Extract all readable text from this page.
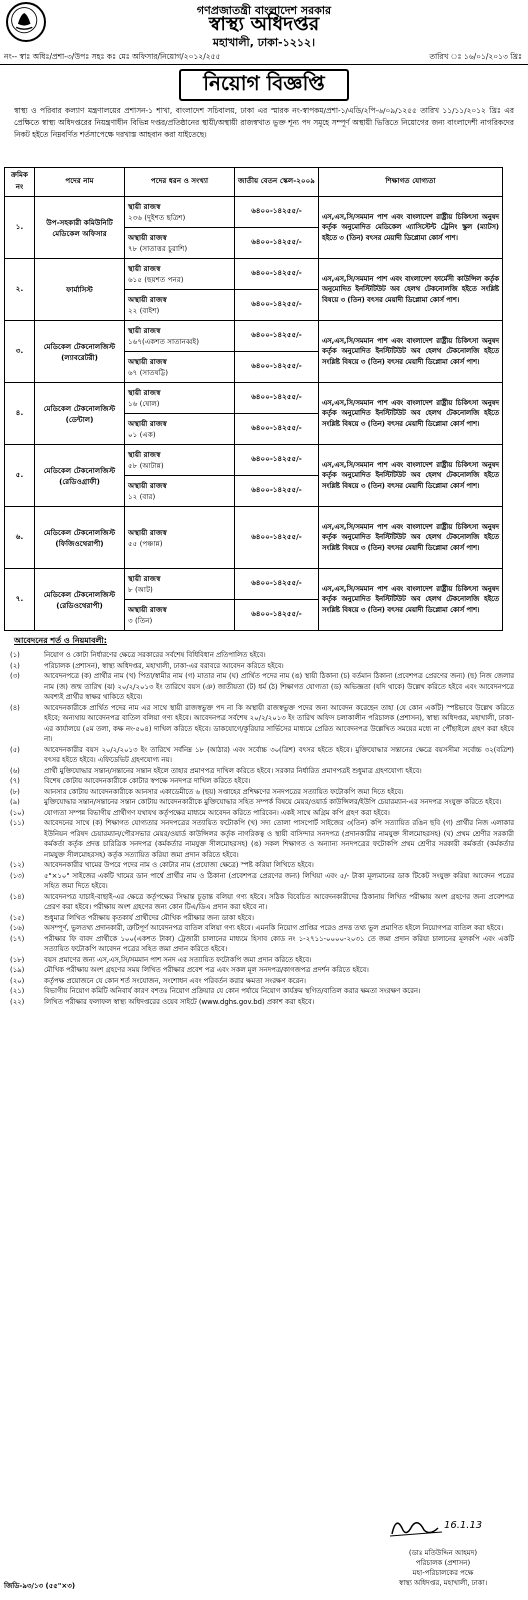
গণপ্রজাতন্ত্রী বাংলাদেশ সরকার
স্বাস্থ্য অধিদপ্তর
মহাখালী, ঢাকা-১২১২।
নং-- স্বাঃ অধিঃ/প্রশা-৩/উপঃ সহঃ কঃ মেঃ অফিসার/নিয়োগ/২০১২/২৫৫	তারিখ ঃ ১৬/০১/২০১৩ খ্রিঃ
নিয়োগ বিজ্ঞপ্তি
স্বাস্থ্য ও পরিবার কল্যাণ মন্ত্রণালয়ের প্রশাসন-১ শাখা, বাংলাদেশ সচিবালয়, ঢাকা এর স্মারক নং-স্বাপকম/প্রশা-১/এডি/২পি-৬/০৯/১২৫৫ তারিখ ১১/১১/২০১২ খ্রিঃ এর প্রেক্ষিতে স্বাস্থ্য অধিদপ্তরের নিয়ন্ত্রণাধীন বিভিন্ন দপ্তর/প্রতিষ্ঠানের স্থায়ী/অস্থায়ী রাজস্বখাত ভুক্ত শূন্য পদ সমূহে সম্পূর্ণ অস্থায়ী ভিত্তিতে নিয়োগের জন্য বাংলাদেশী নাগরিকদের নিকট হইতে নিম্নবর্ণিত শর্তসাপেক্ষে দরখাস্ত আহবান করা যাইতেছে।
ক্রমিক নং	পদের নাম	পদের ধরন ও সংখ্যা	জাতীয় বেতন স্কেল-২০০৯	শিক্ষাগত যোগ্যতা
১.	উপ-সহকারী কমিউনিটি মেডিকেল অফিসার	স্থায়ী রাজস্ব
২৩৬ (দুইশত ছত্রিশ)	৬৪০০-১৪২৫৫/-	এস,এস,সি/সমমান পাশ এবং বাংলাদেশ রাষ্ট্রীয় চিকিৎসা অনুষদ কর্তৃক অনুমোদিত মেডিকেল এ্যাসিস্টেন্ট ট্রেনিং স্কুল (ম্যাটস) হইতে ৩ (তিন) বৎসর মেয়াদী ডিপ্লোমা কোর্স পাশ।

		অস্থায়ী রাজস্ব
৭৮ (সাতাত্তর চুরাশি)	৬৪০০-১৪২৫৫/-	
২.	ফার্মাসিস্ট	স্থায়ী রাজস্ব
৬১৫ (ছয়শত পনর)	৬৪০০-১৪২৫৫/-	এস,এস,সি/সমমান পাশ এবং বাংলাদেশ ফার্মেসী কাউন্সিল কর্তৃক অনুমোদিত ইনস্টিটিউট অব হেলথ টেকনোলজি হইতে সংশ্লিষ্ট বিষয়ে ৩ (তিন) বৎসর মেয়াদী ডিপ্লোমা কোর্স পাশ।

		অস্থায়ী রাজস্ব
২২ (বাইশ)	৬৪০০-১৪২৫৫/-	
৩.	মেডিকেল টেকনোলজিস্ট (ল্যাবরেটরী)	স্থায়ী রাজস্ব
১৬৭(একশত সাতানব্বই)	৬৪০০-১৪২৫৫/-	এস,এস,সি/সমমান পাশ এবং বাংলাদেশ রাষ্ট্রীয় চিকিৎসা অনুষদ কর্তৃক অনুমোদিত ইনস্টিটিউট অব হেলথ টেকনোলজি হইতে সংশ্লিষ্ট বিষয়ে ৩ (তিন) বৎসর মেয়াদী ডিপ্লোমা কোর্স পাশ।

		অস্থায়ী রাজস্ব
৬৭ (সাতষট্টি)	৬৪০০-১৪২৫৫/-	
৪.	মেডিকেল টেকনোলজিস্ট (ডেন্টাল)	স্থায়ী রাজস্ব
১৬ (ষোল)	৬৪০০-১৪২৫৫/-	এস,এস,সি/সমমান পাশ এবং বাংলাদেশ রাষ্ট্রীয় চিকিৎসা অনুষদ কর্তৃক অনুমোদিত ইনস্টিটিউট অব হেলথ টেকনোলজি হইতে সংশ্লিষ্ট বিষয়ে ৩ (তিন) বৎসর মেয়াদী ডিপ্লোমা কোর্স পাশ।

		অস্থায়ী রাজস্ব
০১ (এক)	৬৪০০-১৪২৫৫/-	
৫.	মেডিকেল টেকনোলজিস্ট (রেডিওগ্রাফী)	স্থায়ী রাজস্ব
৫৮ (আটান্ন)	৬৪০০-১৪২৫৫/-	এস,এস,সি/সমমান পাশ এবং বাংলাদেশ রাষ্ট্রীয় চিকিৎসা অনুষদ কর্তৃক অনুমোদিত ইনস্টিটিউট অব হেলথ টেকনোলজি হইতে সংশ্লিষ্ট বিষয়ে ৩ (তিন) বৎসর মেয়াদী ডিপ্লোমা কোর্স পাশ।

		অস্থায়ী রাজস্ব
১২ (বার)	৬৪০০-১৪২৫৫/-	
৬.	মেডিকেল টেকনোলজিস্ট (ফিজিওথেরাপী)	অস্থায়ী রাজস্ব
৫৫ (পঞ্চান্ন)	৬৪০০-১৪২৫৫/-	এস,এস,সি/সমমান পাশ এবং বাংলাদেশ রাষ্ট্রীয় চিকিৎসা অনুষদ কর্তৃক অনুমোদিত ইনস্টিটিউট অব হেলথ টেকনোলজি হইতে সংশ্লিষ্ট বিষয়ে ৩ (তিন) বৎসর মেয়াদী ডিপ্লোমা কোর্স পাশ।
৭.	মেডিকেল টেকনোলজিস্ট (রেডিওথেরাপী)	স্থায়ী রাজস্ব
৮ (আট)	৬৪০০-১৪২৫৫/-	এস,এস,সি/সমমান পাশ এবং বাংলাদেশ রাষ্ট্রীয় চিকিৎসা অনুষদ কর্তৃক অনুমোদিত ইনস্টিটিউট অব হেলথ টেকনোলজি হইতে সংশ্লিষ্ট বিষয়ে ৩ (তিন) বৎসর মেয়াদী ডিপ্লোমা কোর্স পাশ।

		অস্থায়ী রাজস্ব
৩ (তিন)	৬৪০০-১৪২৫৫/-	
আবেদনের শর্ত ও নিয়মাবলী:
(১)	নিয়োগ ও কোটা নির্ধারণের ক্ষেত্রে সরকারের সর্বশেষ বিধিবিধান প্রতিপালিত হইবে।
(২)	পরিচালক (প্রশাসন), স্বাস্থ্য অধিদপ্তর, মহাখালী, ঢাকা-এর বরাবরে আবেদন করিতে হইবে।
(৩)	আবেদনপত্রে (ক) প্রার্থীর নাম (খ) পিতা/স্বামীর নাম (গ) মাতার নাম (ঘ) প্রার্থিত পদের নাম (ঙ) স্থায়ী ঠিকানা (চ) বর্তমান ঠিকানা (প্রবেশপত্র প্রেরণের জন্য) (ছ) নিজ জেলার নাম (জ) জন্ম তারিখ (ঝ) ২০/২/২০১৩ ইং তারিখে বয়স (ঞ) জাতীয়তা (ট) ধর্ম (ঠ) শিক্ষাগত যোগ্যতা (ড) অভিজ্ঞতা (যদি থাকে) উল্লেখ করিতে হইবে এবং আবেদনপত্রে অবশ্যই প্রার্থীর স্বাক্ষর থাকিতে হইবে।
(৪)	আবেদনকারীকে প্রার্থিত পদের নাম এর সাথে স্থায়ী রাজস্বভুক্ত পদ না কি অস্থায়ী রাজস্বভুক্ত পদের জন্য আবেদন করেছেন তাহা (যে কোন একটি) স্পষ্টভাবে উল্লেখ করিতে হইবে; অন্যথায় আবেদনপত্র বাতিল বলিয়া গণ্য হইবে। আবেদনপত্র সর্বশেষ ২০/২/২০১৩ ইং তারিখ অফিস চলাকালীন পরিচালক (প্রশাসন), স্বাস্থ্য অধিদপ্তর, মহাখালী, ঢাকা-এর কার্যালয়ে (৫ম তলা, কক্ষ নং-৫০৪) দাখিল করিতে হইবে। ডাকযোগে/কুরিয়ার সার্ভিসের মাধ্যমে প্রেরিত আবেদনপত্র উল্লেখিত সময়ের মধ্যে না পৌঁছাইলে গ্রহণ করা হইবে না।
(৫)	আবেদনকারীর বয়স ২০/২/২০১৩ ইং তারিখে সর্বনিম্ন ১৮ (আঠার) এবং সর্বোচ্চ ৩০(ত্রিশ) বৎসর হইতে হইবে। মুক্তিযোদ্ধার সন্তানের ক্ষেত্রে বয়সসীমা সর্বোচ্চ ৩২(বত্রিশ) বৎসর হইতে হইবে। এফিডেভিট গ্রহণযোগ্য নয়।
(৬)	প্রার্থী মুক্তিযোদ্ধার সন্তান/সন্তানের সন্তান হইলে তাহার প্রমাণপত্র দাখিল করিতে হইবে। সরকার নির্ধারিত প্রমাণপত্রই শুধুমাত্র গ্রহণযোগ্য হইবে।
(৭)	বিশেষ কোটায় আবেদনকারীকে কোটার স্বপক্ষে সনদপত্র দাখিল করিতে হইবে।
(৮)	আনসার কোটায় আবেদনকারীকে আনসার একাডেমীতে ৬ (ছয়) সপ্তাহের প্রশিক্ষণের সনদপত্রের সত্যায়িত ফটোকপি জমা দিতে হইবে।
(৯)	মুক্তিযোদ্ধার সন্তান/সন্তানের সন্তান কোটায় আবেদনকারীকে মুক্তিযোদ্ধার সহিত সম্পর্ক বিষয়ে মেয়র/ওয়ার্ড কাউন্সিলর/ইউপি চেয়ারম্যান-এর সনদপত্র সংযুক্ত করিতে হইবে।
(১০)	যোগ্যতা সম্পন্ন বিভাগীয় প্রার্থীগণ যথাযথ কর্তৃপক্ষের মাধ্যমে আবেদন করিতে পারিবেন। একই সাথে অগ্রিম কপি গ্রহণ করা হইবে।
(১১)	আবেদনের সাথে (ক) শিক্ষাগত যোগ্যতার সনদপত্রের সত্যায়িত ফটোকপি (খ) সদ্য তোলা পাসপোর্ট সাইজের ৩(তিন) কপি সত্যায়িত রঙিন ছবি (গ) প্রার্থীর নিজ এলাকার ইউনিয়ন পরিষদ চেয়ারম্যান/পৌরসভার মেয়র/ওয়ার্ড কাউন্সিলর কর্তৃক নাগরিকত্ব ও স্থায়ী বাসিন্দার সনদপত্র (প্রদানকারীর নামযুক্ত সীলমোহরসহ) (ঘ) প্রথম শ্রেণীর সরকারী কর্মকর্তা কর্তৃক প্রদত্ত চারিত্রিক সনদপত্র (কর্মকর্তার নামযুক্ত সীলমোহরসহ) (ঙ) সকল শিক্ষাগত ও অন্যান্য সনদপত্রের ফটোকপি প্রথম শ্রেণীর সরকারী কর্মকর্তা (কর্মকর্তার নামযুক্ত সীলমোহরসহ) কর্তৃক সত্যায়িত করিয়া জমা প্রদান করিতে হইবে।
(১২)	আবেদনকারীর খামের উপরে পদের নাম ও কোটার নাম (প্রযোজ্য ক্ষেত্রে) স্পষ্ট করিয়া লিখিতে হইবে।
(১৩)	৫"×১০" সাইজের একটি খামের ডান পার্শ্বে প্রার্থীর নাম ও ঠিকানা (প্রবেশপত্র প্রেরণের জন্য) লিখিয়া এবং ৫/- টাকা মূল্যমানের ডাক টিকেট সংযুক্ত করিয়া আবেদন পত্রের সহিত জমা দিতে হইবে।
(১৪)	আবেদনপত্র যাচাই-বাছাই-এর ক্ষেত্রে কর্তৃপক্ষের সিদ্ধান্ত চূড়ান্ত বলিয়া গণ্য হইবে। সঠিক বিবেচিত আবেদনকারীদের ঠিকানায় লিখিত পরীক্ষায় অংশ গ্রহণের জন্য প্রবেশপত্র প্রেরণ করা হইবে। পরীক্ষায় অংশ গ্রহণের জন্য কোন টিএ/ডিএ প্রদান করা হইবে না।
(১৫)	শুধুমাত্র লিখিত পরীক্ষায় কৃতকার্য প্রার্থীদের মৌখিক পরীক্ষার জন্য ডাকা হইবে।
(১৬)	অসম্পূর্ণ, ভুলতথ্য প্রদানকারী, ত্রুটিপূর্ণ আবেদনপত্র বাতিল বলিয়া গণ্য হইবে। এমনকি নিয়োগ প্রাপ্তির পরেও প্রদত্ত তথ্য ভুল প্রমাণিত হইলে নিয়োগপত্র বাতিল করা হইবে।
(১৭)	পরীক্ষার ফি বাবদ প্রার্থীকে ১০০(একশত টাকা) ট্রেজারী চালানের মাধ্যমে হিসাব কোড নং ১-২৭১১-০০০০-২০৩১ তে জমা প্রদান করিয়া চালানের মূলকপি এবং একটি সত্যায়িত ফটোকপি আবেদন পত্রের সহিত জমা প্রদান করিতে হইবে।
(১৮)	বয়স প্রমাণের জন্য এস,এস,সি/সমমান পাশ সনদ এর সত্যায়িত ফটোকপি জমা প্রদান করিতে হইবে।
(১৯)	মৌখিক পরীক্ষায় অংশ গ্রহণের সময় লিখিত পরীক্ষার প্রবেশ পত্র এবং সকল মূল সনদপত্র/কাগজপত্র প্রদর্শন করিতে হইবে।
(২০)	কর্তৃপক্ষ প্রয়োজনে যে কোন শর্ত সংযোজন, সংশোধন এবং পরিবর্তন করার ক্ষমতা সংরক্ষণ করেন।
(২১)	বিভাগীয় নিয়োগ কমিটি অনিবার্য কারণ বশতঃ নিয়োগ প্রক্রিয়ার যে কোন পর্যায়ে নিয়োগ কার্যক্রম স্থগিত/বাতিল করার ক্ষমতা সংরক্ষণ করেন।
(২২)	লিখিত পরীক্ষার ফলাফল স্বাস্থ্য অধিদপ্তরের ওয়েব সাইটে (www.dghs.gov.bd) প্রকাশ করা হইবে।
16.1.13
(ডাঃ মতিউদ্দিন আহমদ)
পরিচালক (প্রশাসন)
মহা-পরিচালকের পক্ষে
স্বাস্থ্য অধিদপ্তর, মহাখালী, ঢাকা।
জিডি-৯৩/১৩ (৫৫"×৩)
